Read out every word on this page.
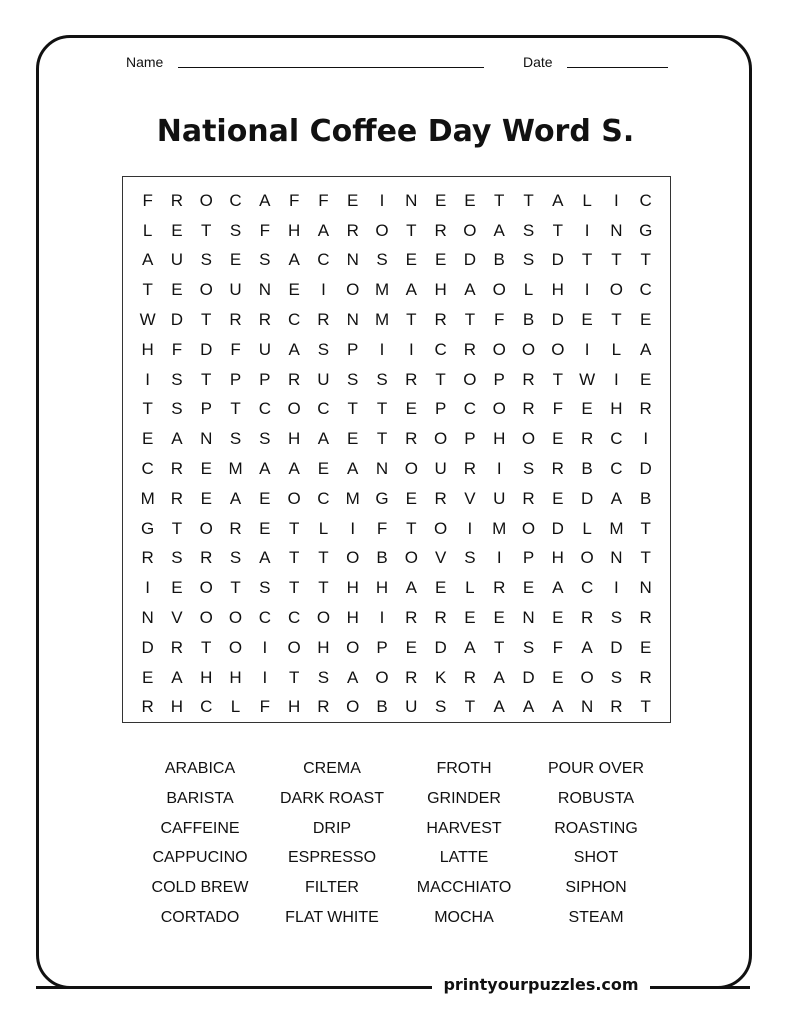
Name	Date
National Coffee Day Word S.
F	R O C	A	F	F	E	I	N	E	E	T	T	A	L	I	C
L	E	T	S	F	H	A	R O	T	R O	A	S	T	I	N G
A	U	S	E	S	A	C	N	S	E	E	D	B	S	D	T	T	T
T	E	O U	N	E	I	O M A	H	A	O	L	H	I	O C
W D	T	R	R	C	R	N M	T	R	T	F	B	D	E	T	E
H	F	D	F	U	A	S	P	I	I	C	R O O O	I	L	A
I	S	T	P	P	R	U	S	S	R	T	O	P	R	T W	I	E
T	S	P	T	C O C	T	T	E	P	C O R	F	E	H	R
E	A	N	S	S	H	A	E	T	R O	P	H O	E	R	C	I
C	R	E M A	A	E	A	N O U	R	I	S	R	B	C	D
M R	E	A	E	O C M G	E	R	V	U	R	E	D	A	B
G	T	O R	E	T	L	I	F	T	O	I	M O D	L	M	T
R	S	R	S	A	T	T	O	B	O	V	S	I	P	H O N	T
I	E	O	T	S	T	T	H	H	A	E	L	R	E	A	C	I	N
N	V	O O C	C O H	I	R	R	E	E	N	E	R	S	R
D	R	T	O	I	O H O	P	E	D	A	T	S	F	A	D	E
E	A	H	H	I	T	S	A	O R	K	R	A	D	E	O	S	R
R	H	C	L	F	H	R O	B	U	S	T	A	A	A	N	R	T
ARABICA	CREMA	FROTH	POUR OVER
BARISTA	DARK ROAST	GRINDER	ROBUSTA
CAFFEINE	DRIP	HARVEST	ROASTING
CAPPUCINO	ESPRESSO	LATTE	SHOT
COLD BREW	FILTER	MACCHIATO	SIPHON
CORTADO	FLAT WHITE	MOCHA	STEAM
printyourpuzzles.com
